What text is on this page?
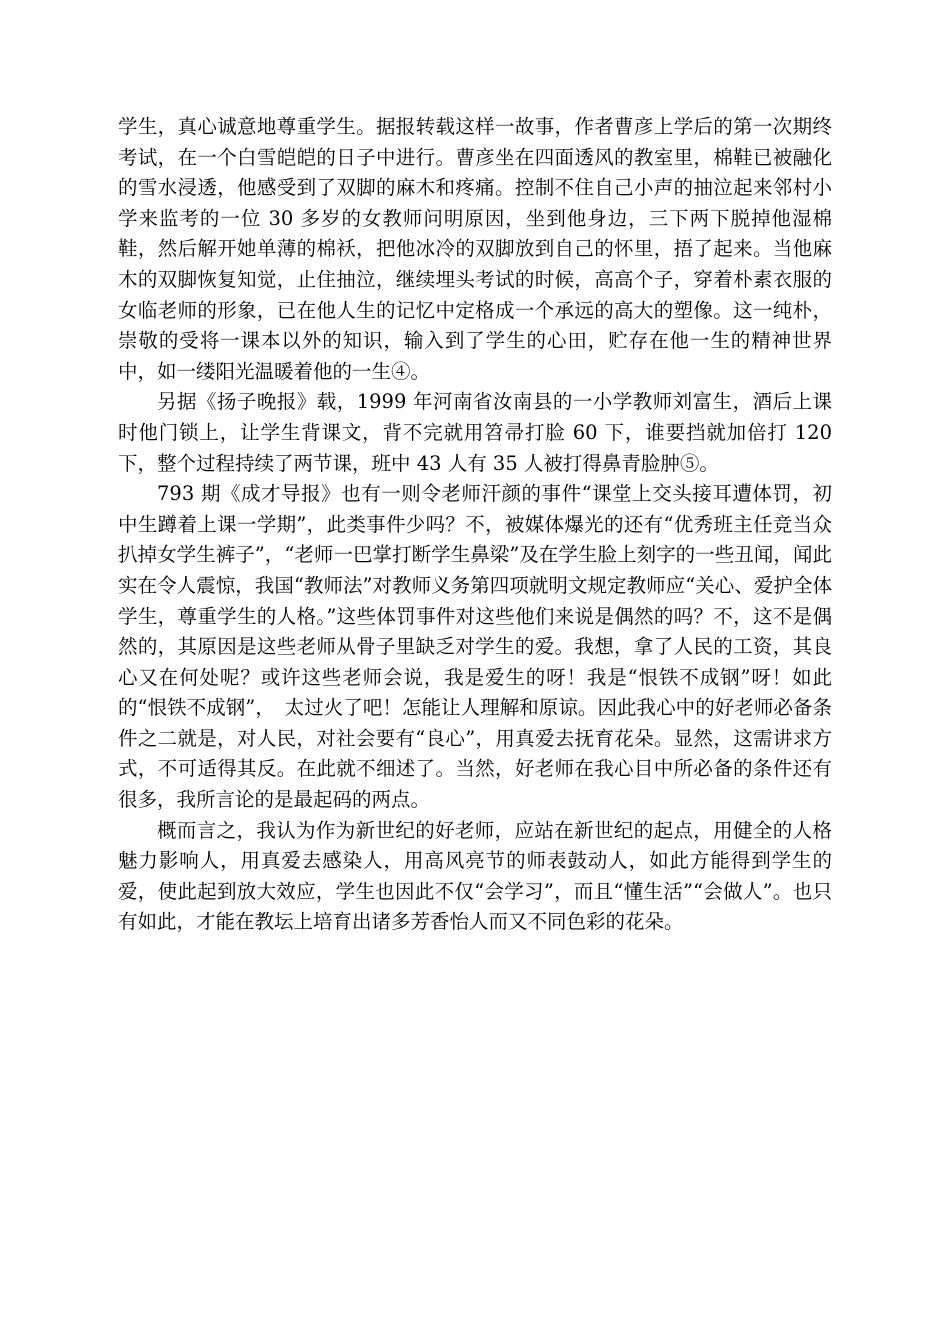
学生，真心诚意地尊重学生。据报转载这样一故事，作者曹彦上学后的第一次期终考试，在一个白雪皑皑的日子中进行。曹彦坐在四面透风的教室里，棉鞋已被融化的雪水浸透，他感受到了双脚的麻木和疼痛。控制不住自己小声的抽泣起来邻村小学来监考的一位 30 多岁的女教师问明原因，坐到他身边，三下两下脱掉他湿棉鞋，然后解开她单薄的棉袄，把他冰冷的双脚放到自己的怀里，捂了起来。当他麻木的双脚恢复知觉，止住抽泣，继续埋头考试的时候，高高个子，穿着朴素衣服的女临老师的形象，已在他人生的记忆中定格成一个承远的高大的塑像。这一纯朴，崇敬的受将一课本以外的知识，输入到了学生的心田，贮存在他一生的精神世界中，如一缕阳光温暖着他的一生④。

另据《扬子晚报》载，1999 年河南省汝南县的一小学教师刘富生，酒后上课时他门锁上，让学生背课文，背不完就用笤帚打脸 60 下，谁要挡就加倍打 120 下，整个过程持续了两节课，班中 43 人有 35 人被打得鼻青脸肿⑤。

793 期《成才导报》也有一则令老师汗颜的事件“课堂上交头接耳遭体罚，初中生蹲着上课一学期”，此类事件少吗？不，被媒体爆光的还有“优秀班主任竞当众扒掉女学生裤子”，“老师一巴掌打断学生鼻梁”及在学生脸上刻字的一些丑闻，闻此实在令人震惊，我国“教师法”对教师义务第四项就明文规定教师应“关心、爱护全体学生，尊重学生的人格。”这些体罚事件对这些他们来说是偶然的吗？不，这不是偶然的，其原因是这些老师从骨子里缺乏对学生的爱。我想，拿了人民的工资，其良心又在何处呢？或许这些老师会说，我是爱生的呀！我是“恨铁不成钢”呀！如此的“恨铁不成钢”，　太过火了吧！怎能让人理解和原谅。因此我心中的好老师必备条件之二就是，对人民，对社会要有“良心”，用真爱去抚育花朵。显然，这需讲求方式，不可适得其反。在此就不细述了。当然，好老师在我心目中所必备的条件还有很多，我所言论的是最起码的两点。

概而言之，我认为作为新世纪的好老师，应站在新世纪的起点，用健全的人格魅力影响人，用真爱去感染人，用高风亮节的师表鼓动人，如此方能得到学生的爱，使此起到放大效应，学生也因此不仅“会学习”，而且“懂生活”“会做人”。也只有如此，才能在教坛上培育出诸多芳香怡人而又不同色彩的花朵。
